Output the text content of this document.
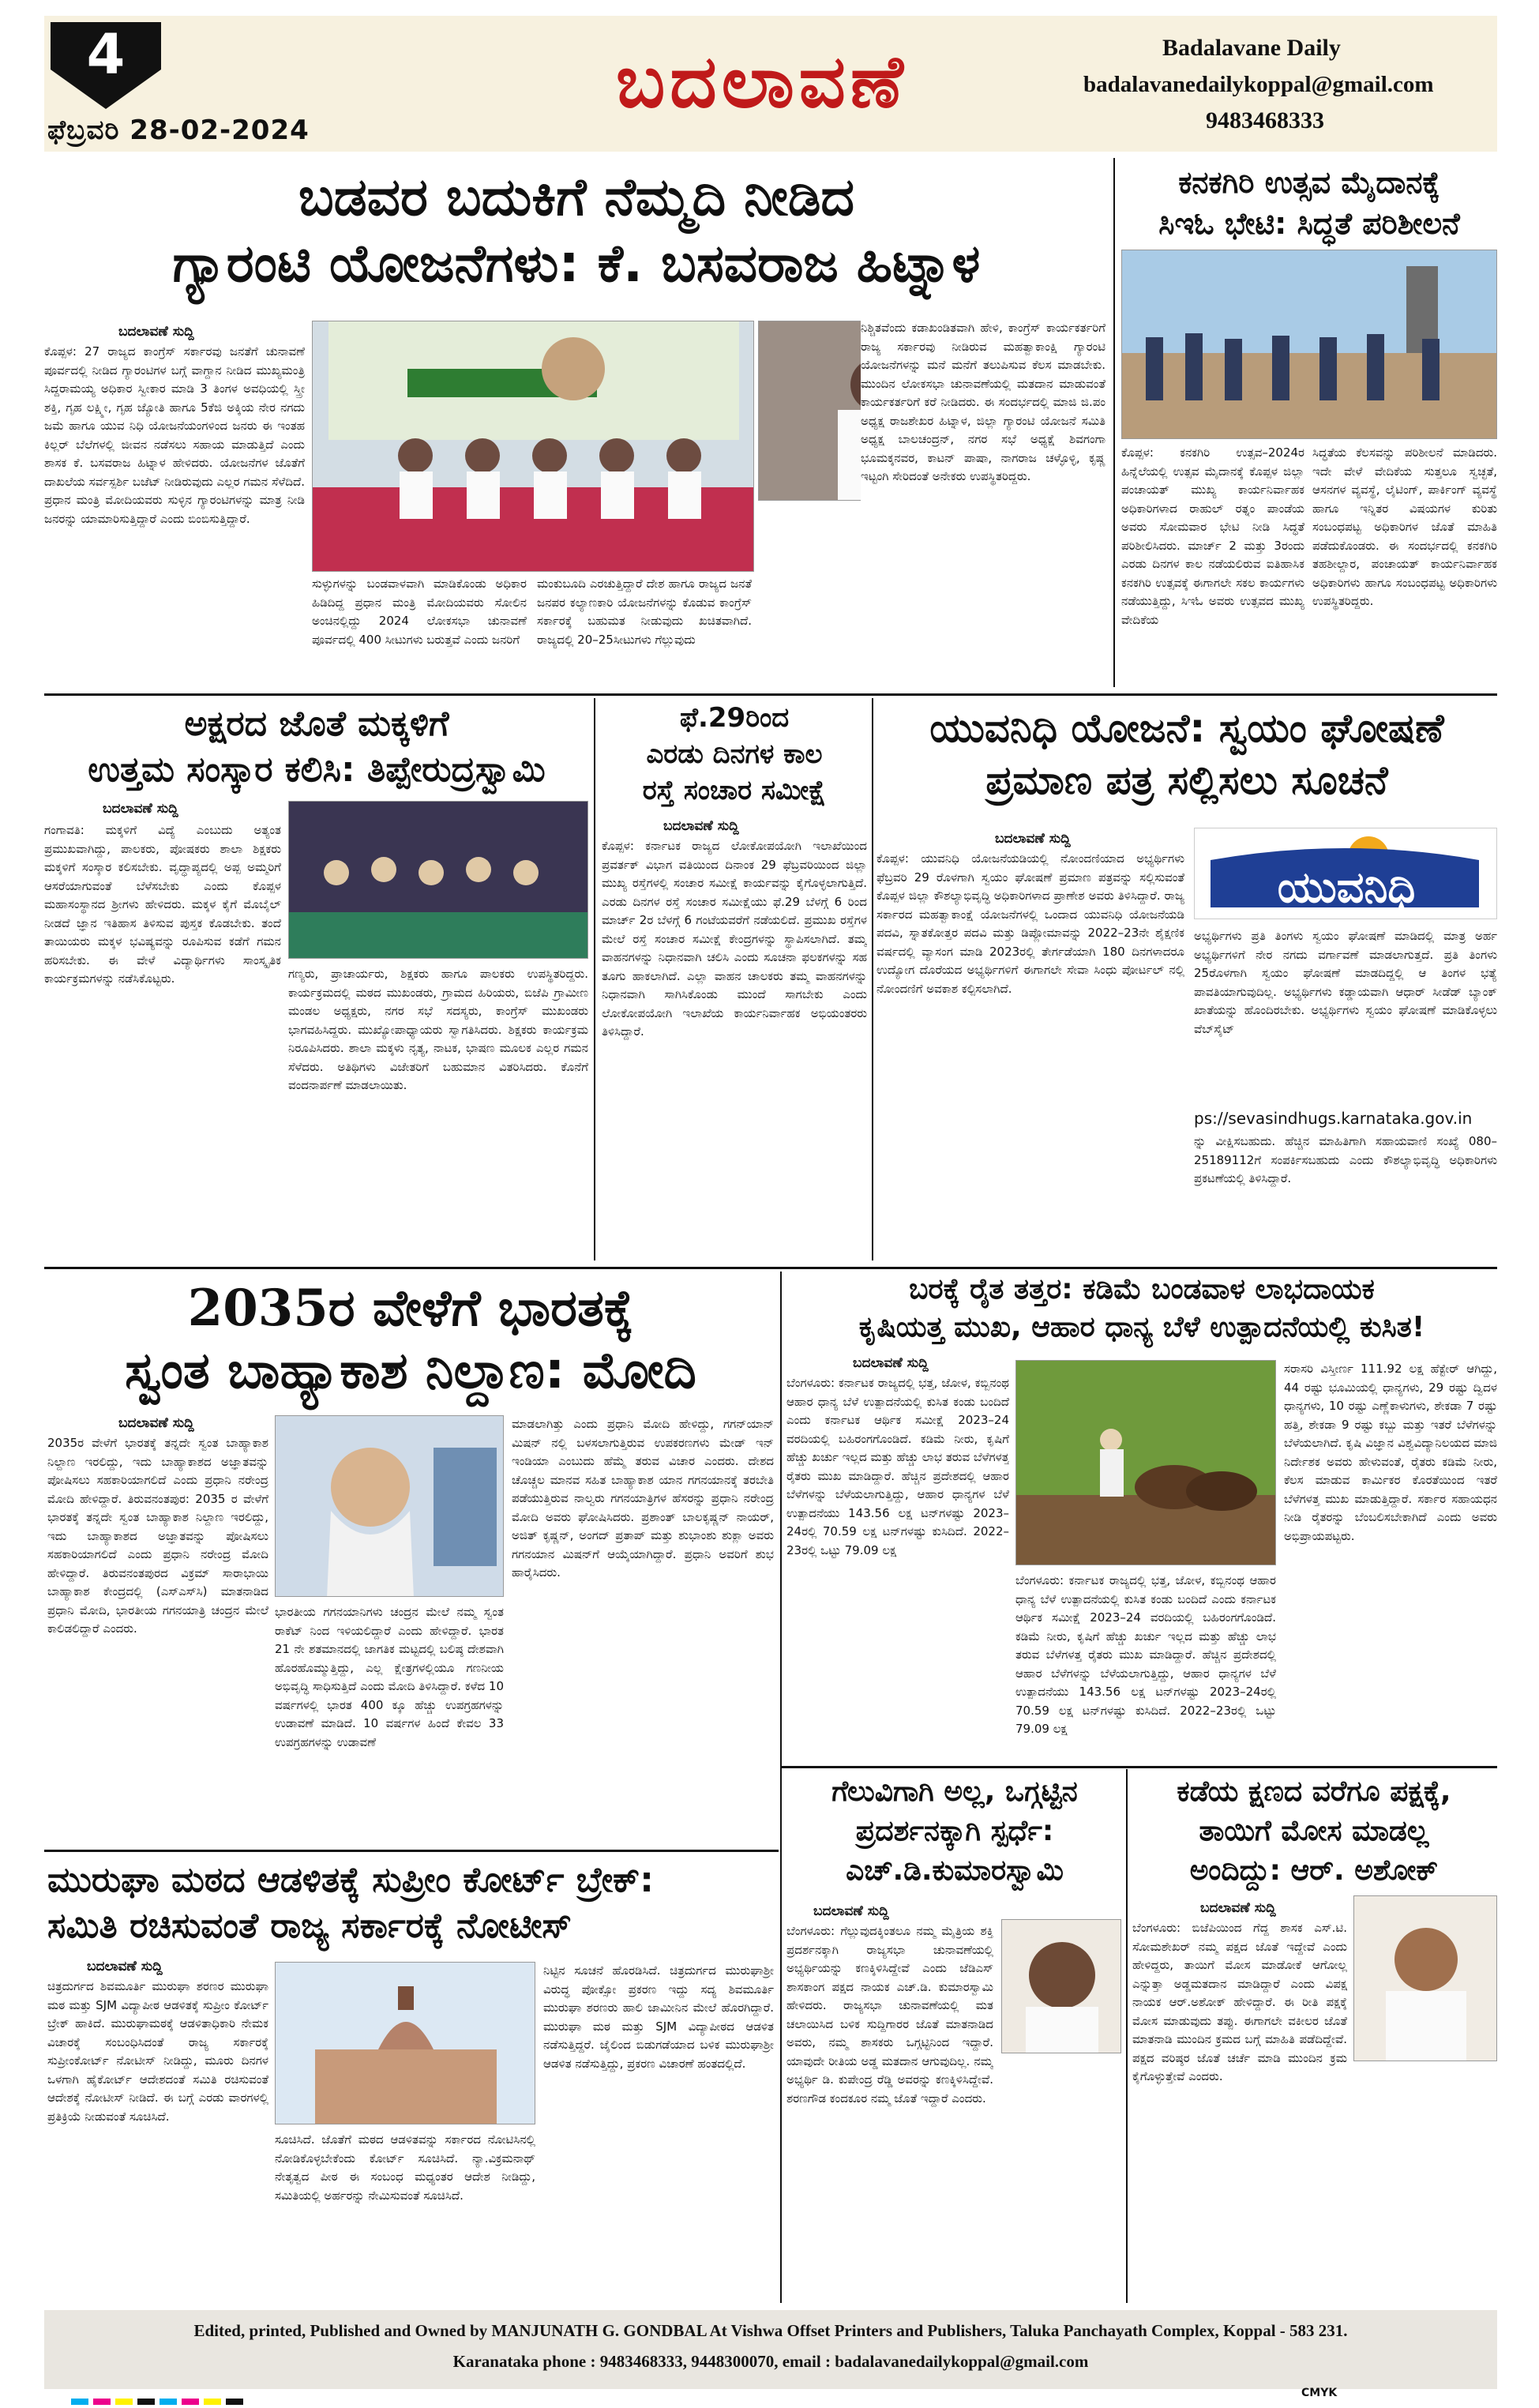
4
ಫೆಬ್ರವರಿ 28-02-2024
ಬದಲಾವಣೆ	Badalavane Daily
badalavanedailykoppal@gmail.com
9483468333
ಬಡವರ ಬದುಕಿಗೆ ನೆಮ್ಮದಿ ನೀಡಿದ
ಗ್ಯಾರಂಟಿ ಯೋಜನೆಗಳು: ಕೆ. ಬಸವರಾಜ ಹಿಟ್ನಾಳ
ಬದಲಾವಣೆ ಸುದ್ದಿ
ಕೊಪ್ಪಳ: 27 ರಾಜ್ಯದ ಕಾಂಗ್ರೆಸ್ ಸರ್ಕಾರವು ಜನತೆಗೆ ಚುನಾವಣೆ ಪೂರ್ವದಲ್ಲಿ ನೀಡಿದ ಗ್ಯಾರಂಟಿಗಳ ಬಗ್ಗೆ ವಾಗ್ದಾನ ನೀಡಿದ ಮುಖ್ಯಮಂತ್ರಿ ಸಿದ್ದರಾಮಯ್ಯ ಅಧಿಕಾರ ಸ್ವೀಕಾರ ಮಾಡಿ 3 ತಿಂಗಳ ಅವಧಿಯಲ್ಲಿ ಸ್ತ್ರೀ ಶಕ್ತಿ, ಗೃಹ ಲಕ್ಷ್ಮೀ, ಗೃಹ ಜ್ಯೋತಿ ಹಾಗೂ 5ಕೆಜಿ ಅಕ್ಕಿಯ ನೇರ ನಗದು ಜಮೆ ಹಾಗೂ ಯುವ ನಿಧಿ ಯೋಜನೆಯಂಗಳಿಂದ ಜನರು ಈ ಇಂತಹ ಕಿಲ್ಲರ್ ಬೆಲೆಗಳಲ್ಲಿ ಜೀವನ ನಡೆಸಲು ಸಹಾಯ ಮಾಡುತ್ತಿದೆ ಎಂದು ಶಾಸಕ ಕೆ. ಬಸವರಾಜ ಹಿಟ್ನಾಳ ಹೇಳಿದರು. ಯೋಜನೆಗಳ ಜೊತೆಗೆ ದಾಖಲೆಯ ಸರ್ವಸ್ಪರ್ಶಿ ಬಜೆಟ್ ನೀಡಿರುವುದು ಎಲ್ಲರ ಗಮನ ಸೆಳೆದಿದೆ. ಪ್ರಧಾನ ಮಂತ್ರಿ ಮೋದಿಯವರು ಸುಳ್ಳಿನ ಗ್ಯಾರಂಟಿಗಳನ್ನು ಮಾತ್ರ ನೀಡಿ ಜನರನ್ನು ಯಾಮಾರಿಸುತ್ತಿದ್ದಾರೆ ಎಂದು ಬಿಂಬಿಸುತ್ತಿದ್ದಾರೆ.
ಸುಳ್ಳುಗಳನ್ನು ಬಂಡವಾಳವಾಗಿ ಮಾಡಿಕೊಂಡು ಅಧಿಕಾರ ಹಿಡಿದಿದ್ದ ಪ್ರಧಾನ ಮಂತ್ರಿ ಮೋದಿಯವರು ಸೋಲಿನ ಅಂಚಿನಲ್ಲಿದ್ದು 2024 ಲೋಕಸಭಾ ಚುನಾವಣೆ ಪೂರ್ವದಲ್ಲಿ 400 ಸೀಟುಗಳು ಬರುತ್ತವೆ ಎಂದು ಜನರಿಗೆ
ಮಂಕುಬೂದಿ ಎರಚುತ್ತಿದ್ದಾರೆ ದೇಶ ಹಾಗೂ ರಾಜ್ಯದ ಜನತೆ ಜನಪರ ಕಲ್ಯಾಣಕಾರಿ ಯೋಜನೆಗಳನ್ನು ಕೊಡುವ ಕಾಂಗ್ರೆಸ್ ಸರ್ಕಾರಕ್ಕೆ ಬಹುಮತ ನೀಡುವುದು ಖಚಿತವಾಗಿದೆ. ರಾಜ್ಯದಲ್ಲಿ 20–25ಸೀಟುಗಳು ಗೆಲ್ಲುವುದು
ನಿಶ್ಚಿತವೆಂದು ಕಡಾಖಂಡಿತವಾಗಿ ಹೇಳಿ, ಕಾಂಗ್ರೆಸ್ ಕಾರ್ಯಕರ್ತರಿಗೆ ರಾಜ್ಯ ಸರ್ಕಾರವು ನೀಡಿರುವ ಮಹತ್ವಾಕಾಂಕ್ಷಿ ಗ್ಯಾರಂಟಿ ಯೋಜನೆಗಳನ್ನು ಮನೆ ಮನೆಗೆ ತಲುಪಿಸುವ ಕೆಲಸ ಮಾಡಬೇಕು. ಮುಂದಿನ ಲೋಕಸಭಾ ಚುನಾವಣೆಯಲ್ಲಿ ಮತದಾನ ಮಾಡುವಂತೆ ಕಾರ್ಯಕರ್ತರಿಗೆ ಕರೆ ನೀಡಿದರು. ಈ ಸಂದರ್ಭದಲ್ಲಿ ಮಾಜಿ ಜಿ.ಪಂ ಅಧ್ಯಕ್ಷ ರಾಜಶೇಖರ ಹಿಟ್ನಾಳ, ಜಿಲ್ಲಾ ಗ್ಯಾರಂಟಿ ಯೋಜನೆ ಸಮಿತಿ ಅಧ್ಯಕ್ಷ ಬಾಲಚಂದ್ರನ್, ನಗರ ಸಭೆ ಅಧ್ಯಕ್ಷೆ ಶಿವಗಂಗಾ ಭೂಮಕ್ಕನವರ, ಕಾಟನ್ ಪಾಷಾ, ನಾಗರಾಜ ಚಳ್ಳೊಳ್ಳಿ, ಕೃಷ್ಣ ಇಟ್ಟಂಗಿ ಸೇರಿದಂತೆ ಅನೇಕರು ಉಪಸ್ಥಿತರಿದ್ದರು.
ಕನಕಗಿರಿ ಉತ್ಸವ ಮೈದಾನಕ್ಕೆ
ಸಿಇಓ ಭೇಟಿ: ಸಿದ್ಧತೆ ಪರಿಶೀಲನೆ
ಕೊಪ್ಪಳ: ಕನಕಗಿರಿ ಉತ್ಸವ–2024ರ ಹಿನ್ನೆಲೆಯಲ್ಲಿ ಉತ್ಸವ ಮೈದಾನಕ್ಕೆ ಕೊಪ್ಪಳ ಜಿಲ್ಲಾ ಪಂಚಾಯತ್ ಮುಖ್ಯ ಕಾರ್ಯನಿರ್ವಾಹಕ ಅಧಿಕಾರಿಗಳಾದ ರಾಹುಲ್ ರತ್ನಂ ಪಾಂಡೆಯ ಅವರು ಸೋಮವಾರ ಭೇಟಿ ನೀಡಿ ಸಿದ್ಧತೆ ಪರಿಶೀಲಿಸಿದರು. ಮಾರ್ಚ್ 2 ಮತ್ತು 3ರಂದು ಎರಡು ದಿನಗಳ ಕಾಲ ನಡೆಯಲಿರುವ ಐತಿಹಾಸಿಕ ಕನಕಗಿರಿ ಉತ್ಸವಕ್ಕೆ ಈಗಾಗಲೇ ಸಕಲ ಕಾರ್ಯಗಳು ನಡೆಯುತ್ತಿದ್ದು, ಸಿಇಓ ಅವರು ಉತ್ಸವದ ಮುಖ್ಯ ವೇದಿಕೆಯ
ಸಿದ್ಧತೆಯ ಕೆಲಸವನ್ನು ಪರಿಶೀಲನೆ ಮಾಡಿದರು. ಇದೇ ವೇಳೆ ವೇದಿಕೆಯ ಸುತ್ತಲೂ ಸ್ವಚ್ಛತೆ, ಆಸನಗಳ ವ್ಯವಸ್ಥೆ, ಲೈಟಿಂಗ್, ಪಾರ್ಕಿಂಗ್ ವ್ಯವಸ್ಥೆ ಹಾಗೂ ಇನ್ನಿತರ ವಿಷಯಗಳ ಕುರಿತು ಸಂಬಂಧಪಟ್ಟ ಅಧಿಕಾರಿಗಳ ಜೊತೆ ಮಾಹಿತಿ ಪಡೆದುಕೊಂಡರು. ಈ ಸಂದರ್ಭದಲ್ಲಿ ಕನಕಗಿರಿ ತಹಶೀಲ್ದಾರ, ಪಂಚಾಯತ್ ಕಾರ್ಯನಿರ್ವಾಹಕ ಅಧಿಕಾರಿಗಳು ಹಾಗೂ ಸಂಬಂಧಪಟ್ಟ ಅಧಿಕಾರಿಗಳು ಉಪಸ್ಥಿತರಿದ್ದರು.
ಅಕ್ಷರದ ಜೊತೆ ಮಕ್ಕಳಿಗೆ
ಉತ್ತಮ ಸಂಸ್ಕಾರ ಕಲಿಸಿ: ತಿಪ್ಪೇರುದ್ರಸ್ವಾಮಿ
ಬದಲಾವಣೆ ಸುದ್ದಿ
ಗಂಗಾವತಿ: ಮಕ್ಕಳಿಗೆ ವಿದ್ಯೆ ಎಂಬುದು ಅತ್ಯಂತ ಪ್ರಮುಖವಾಗಿದ್ದು, ಪಾಲಕರು, ಪೋಷಕರು ಶಾಲಾ ಶಿಕ್ಷಕರು ಮಕ್ಕಳಿಗೆ ಸಂಸ್ಕಾರ ಕಲಿಸಬೇಕು. ವೃದ್ಧಾಪ್ಯದಲ್ಲಿ ಅಪ್ಪ ಅಮ್ಮರಿಗೆ ಆಸರೆಯಾಗುವಂತೆ ಬೆಳೆಸಬೇಕು ಎಂದು ಕೊಪ್ಪಳ ಮಹಾಸಂಸ್ಥಾನದ ಶ್ರೀಗಳು ಹೇಳಿದರು. ಮಕ್ಕಳ ಕೈಗೆ ಮೊಬೈಲ್ ನೀಡದೆ ಜ್ಞಾನ ಇತಿಹಾಸ ತಿಳಿಸುವ ಪುಸ್ತಕ ಕೊಡಬೇಕು. ತಂದೆ ತಾಯಿಯರು ಮಕ್ಕಳ ಭವಿಷ್ಯವನ್ನು ರೂಪಿಸುವ ಕಡೆಗೆ ಗಮನ ಹರಿಸಬೇಕು. ಈ ವೇಳೆ ವಿದ್ಯಾರ್ಥಿಗಳು ಸಾಂಸ್ಕೃತಿಕ ಕಾರ್ಯಕ್ರಮಗಳನ್ನು ನಡೆಸಿಕೊಟ್ಟರು.	ಗಣ್ಯರು, ಪ್ರಾಚಾರ್ಯರು, ಶಿಕ್ಷಕರು ಹಾಗೂ ಪಾಲಕರು ಉಪಸ್ಥಿತರಿದ್ದರು. ಕಾರ್ಯಕ್ರಮದಲ್ಲಿ ಮಠದ ಮುಖಂಡರು, ಗ್ರಾಮದ ಹಿರಿಯರು, ಬಿಜೆಪಿ ಗ್ರಾಮೀಣ ಮಂಡಲ ಅಧ್ಯಕ್ಷರು, ನಗರ ಸಭೆ ಸದಸ್ಯರು, ಕಾಂಗ್ರೆಸ್ ಮುಖಂಡರು ಭಾಗವಹಿಸಿದ್ದರು. ಮುಖ್ಯೋಪಾಧ್ಯಾಯರು ಸ್ವಾಗತಿಸಿದರು. ಶಿಕ್ಷಕರು ಕಾರ್ಯಕ್ರಮ ನಿರೂಪಿಸಿದರು. ಶಾಲಾ ಮಕ್ಕಳು ನೃತ್ಯ, ನಾಟಕ, ಭಾಷಣ ಮೂಲಕ ಎಲ್ಲರ ಗಮನ ಸೆಳೆದರು. ಅತಿಥಿಗಳು ವಿಜೇತರಿಗೆ ಬಹುಮಾನ ವಿತರಿಸಿದರು. ಕೊನೆಗೆ ವಂದನಾರ್ಪಣೆ ಮಾಡಲಾಯಿತು.
ಫೆ.29ರಿಂದ
ಎರಡು ದಿನಗಳ ಕಾಲ
ರಸ್ತೆ ಸಂಚಾರ ಸಮೀಕ್ಷೆ
ಬದಲಾವಣೆ ಸುದ್ದಿ
ಕೊಪ್ಪಳ: ಕರ್ನಾಟಕ ರಾಜ್ಯದ ಲೋಕೋಪಯೋಗಿ ಇಲಾಖೆಯಿಂದ ಪ್ರವರ್ತಕ್ ವಿಭಾಗ ವತಿಯಿಂದ ದಿನಾಂಕ 29 ಫೆಬ್ರವರಿಯಿಂದ ಜಿಲ್ಲಾ ಮುಖ್ಯ ರಸ್ತೆಗಳಲ್ಲಿ ಸಂಚಾರ ಸಮೀಕ್ಷೆ ಕಾರ್ಯವನ್ನು ಕೈಗೊಳ್ಳಲಾಗುತ್ತಿದೆ. ಎರಡು ದಿನಗಳ ರಸ್ತೆ ಸಂಚಾರ ಸಮೀಕ್ಷೆಯು ಫೆ.29 ಬೆಳಗ್ಗೆ 6 ರಿಂದ ಮಾರ್ಚ್ 2ರ ಬೆಳಗ್ಗೆ 6 ಗಂಟೆಯವರೆಗೆ ನಡೆಯಲಿದೆ. ಪ್ರಮುಖ ರಸ್ತೆಗಳ ಮೇಲೆ ರಸ್ತೆ ಸಂಚಾರ ಸಮೀಕ್ಷೆ ಕೇಂದ್ರಗಳನ್ನು ಸ್ಥಾಪಿಸಲಾಗಿದೆ. ತಮ್ಮ ವಾಹನಗಳನ್ನು ನಿಧಾನವಾಗಿ ಚಲಿಸಿ ಎಂದು ಸೂಚನಾ ಫಲಕಗಳನ್ನು ಸಹ ತೂಗು ಹಾಕಲಾಗಿದೆ. ಎಲ್ಲಾ ವಾಹನ ಚಾಲಕರು ತಮ್ಮ ವಾಹನಗಳನ್ನು ನಿಧಾನವಾಗಿ ಸಾಗಿಸಿಕೊಂಡು ಮುಂದೆ ಸಾಗಬೇಕು ಎಂದು ಲೋಕೋಪಯೋಗಿ ಇಲಾಖೆಯ ಕಾರ್ಯನಿರ್ವಾಹಕ ಅಭಿಯಂತರರು ತಿಳಿಸಿದ್ದಾರೆ.
ಯುವನಿಧಿ ಯೋಜನೆ: ಸ್ವಯಂ ಘೋಷಣೆ
ಪ್ರಮಾಣ ಪತ್ರ ಸಲ್ಲಿಸಲು ಸೂಚನೆ
ಬದಲಾವಣೆ ಸುದ್ದಿ
ಕೊಪ್ಪಳ: ಯುವನಿಧಿ ಯೋಜನೆಯಡಿಯಲ್ಲಿ ನೋಂದಣಿಯಾದ ಅಭ್ಯರ್ಥಿಗಳು ಫೆಬ್ರವರಿ 29 ರೊಳಗಾಗಿ ಸ್ವಯಂ ಘೋಷಣೆ ಪ್ರಮಾಣ ಪತ್ರವನ್ನು ಸಲ್ಲಿಸುವಂತೆ ಕೊಪ್ಪಳ ಜಿಲ್ಲಾ ಕೌಶಲ್ಯಾಭಿವೃದ್ಧಿ ಅಧಿಕಾರಿಗಳಾದ ಪ್ರಾಣೇಶ ಅವರು ತಿಳಿಸಿದ್ದಾರೆ. ರಾಜ್ಯ ಸರ್ಕಾರದ ಮಹತ್ವಾಕಾಂಕ್ಷೆ ಯೋಜನೆಗಳಲ್ಲಿ ಒಂದಾದ ಯುವನಿಧಿ ಯೋಜನೆಯಡಿ ಪದವಿ, ಸ್ನಾತಕೋತ್ತರ ಪದವಿ ಮತ್ತು ಡಿಪ್ಲೋಮಾವನ್ನು 2022–23ನೇ ಶೈಕ್ಷಣಿಕ ವರ್ಷದಲ್ಲಿ ವ್ಯಾಸಂಗ ಮಾಡಿ 2023ರಲ್ಲಿ ತೇರ್ಗಡೆಯಾಗಿ 180 ದಿನಗಳಾದರೂ ಉದ್ಯೋಗ ದೊರೆಯದ ಅಭ್ಯರ್ಥಿಗಳಿಗೆ ಈಗಾಗಲೇ ಸೇವಾ ಸಿಂಧು ಪೋರ್ಟಲ್ ನಲ್ಲಿ ನೋಂದಣಿಗೆ ಅವಕಾಶ ಕಲ್ಪಿಸಲಾಗಿದೆ.
ಯುವನಿಧಿ
ಅಭ್ಯರ್ಥಿಗಳು ಪ್ರತಿ ತಿಂಗಳು ಸ್ವಯಂ ಘೋಷಣೆ ಮಾಡಿದಲ್ಲಿ ಮಾತ್ರ ಅರ್ಹ ಅಭ್ಯರ್ಥಿಗಳಿಗೆ ನೇರ ನಗದು ವರ್ಗಾವಣೆ ಮಾಡಲಾಗುತ್ತದೆ. ಪ್ರತಿ ತಿಂಗಳು 25ರೊಳಗಾಗಿ ಸ್ವಯಂ ಘೋಷಣೆ ಮಾಡದಿದ್ದಲ್ಲಿ ಆ ತಿಂಗಳ ಭತ್ಯೆ ಪಾವತಿಯಾಗುವುದಿಲ್ಲ. ಅಭ್ಯರ್ಥಿಗಳು ಕಡ್ಡಾಯವಾಗಿ ಆಧಾರ್ ಸೀಡೆಡ್ ಬ್ಯಾಂಕ್ ಖಾತೆಯನ್ನು ಹೊಂದಿರಬೇಕು. ಅಭ್ಯರ್ಥಿಗಳು ಸ್ವಯಂ ಘೋಷಣೆ ಮಾಡಿಕೊಳ್ಳಲು ವೆಬ್‌ಸೈಟ್
ps://sevasindhugs.karnataka.gov.in
ನ್ನು ವೀಕ್ಷಿಸಬಹುದು. ಹೆಚ್ಚಿನ ಮಾಹಿತಿಗಾಗಿ ಸಹಾಯವಾಣಿ ಸಂಖ್ಯೆ 080–25189112ಗೆ ಸಂಪರ್ಕಿಸಬಹುದು ಎಂದು ಕೌಶಲ್ಯಾಭಿವೃದ್ಧಿ ಅಧಿಕಾರಿಗಳು ಪ್ರಕಟಣೆಯಲ್ಲಿ ತಿಳಿಸಿದ್ದಾರೆ.
2035ರ ವೇಳೆಗೆ ಭಾರತಕ್ಕೆ
ಸ್ವಂತ ಬಾಹ್ಯಾಕಾಶ ನಿಲ್ದಾಣ: ಮೋದಿ
ಬದಲಾವಣೆ ಸುದ್ದಿ
2035ರ ವೇಳೆಗೆ ಭಾರತಕ್ಕೆ ತನ್ನದೇ ಸ್ವಂತ ಬಾಹ್ಯಾಕಾಶ ನಿಲ್ದಾಣ ಇರಲಿದ್ದು, ಇದು ಬಾಹ್ಯಾಕಾಶದ ಅಜ್ಞಾತವನ್ನು ಪೋಷಿಸಲು ಸಹಕಾರಿಯಾಗಲಿದೆ ಎಂದು ಪ್ರಧಾನಿ ನರೇಂದ್ರ ಮೋದಿ ಹೇಳಿದ್ದಾರೆ. ತಿರುವನಂತಪುರ: 2035 ರ ವೇಳೆಗೆ ಭಾರತಕ್ಕೆ ತನ್ನದೇ ಸ್ವಂತ ಬಾಹ್ಯಾಕಾಶ ನಿಲ್ದಾಣ ಇರಲಿದ್ದು, ಇದು ಬಾಹ್ಯಾಕಾಶದ ಅಜ್ಞಾತವನ್ನು ಪೋಷಿಸಲು ಸಹಕಾರಿಯಾಗಲಿದೆ ಎಂದು ಪ್ರಧಾನಿ ನರೇಂದ್ರ ಮೋದಿ ಹೇಳಿದ್ದಾರೆ. ತಿರುವನಂತಪುರದ ವಿಕ್ರಮ್ ಸಾರಾಭಾಯಿ ಬಾಹ್ಯಾಕಾಶ ಕೇಂದ್ರದಲ್ಲಿ (ಎಸ್‌ಎಸ್‌ಸಿ) ಮಾತನಾಡಿದ ಪ್ರಧಾನಿ ಮೋದಿ, ಭಾರತೀಯ ಗಗನಯಾತ್ರಿ ಚಂದ್ರನ ಮೇಲೆ ಕಾಲಿಡಲಿದ್ದಾರೆ ಎಂದರು.
ಭಾರತೀಯ ಗಗನಯಾನಿಗಳು ಚಂದ್ರನ ಮೇಲೆ ನಮ್ಮ ಸ್ವಂತ ರಾಕೆಟ್ ನಿಂದ ಇಳಿಯಲಿದ್ದಾರೆ ಎಂದು ಹೇಳಿದ್ದಾರೆ. ಭಾರತ 21 ನೇ ಶತಮಾನದಲ್ಲಿ ಜಾಗತಿಕ ಮಟ್ಟದಲ್ಲಿ ಬಲಿಷ್ಠ ದೇಶವಾಗಿ ಹೊರಹೊಮ್ಮುತ್ತಿದ್ದು, ಎಲ್ಲ ಕ್ಷೇತ್ರಗಳಲ್ಲಿಯೂ ಗಣನೀಯ ಅಭಿವೃದ್ಧಿ ಸಾಧಿಸುತ್ತಿದೆ ಎಂದು ಮೋದಿ ತಿಳಿಸಿದ್ದಾರೆ. ಕಳೆದ 10 ವರ್ಷಗಳಲ್ಲಿ ಭಾರತ 400 ಕ್ಕೂ ಹೆಚ್ಚು ಉಪಗ್ರಹಗಳನ್ನು ಉಡಾವಣೆ ಮಾಡಿದೆ. 10 ವರ್ಷಗಳ ಹಿಂದೆ ಕೇವಲ 33 ಉಪಗ್ರಹಗಳನ್ನು ಉಡಾವಣೆ
ಮಾಡಲಾಗಿತ್ತು ಎಂದು ಪ್ರಧಾನಿ ಮೋದಿ ಹೇಳಿದ್ದು, ಗಗನ್‌ಯಾನ್ ಮಿಷನ್ ನಲ್ಲಿ ಬಳಸಲಾಗುತ್ತಿರುವ ಉಪಕರಣಗಳು ಮೇಡ್ ಇನ್ ಇಂಡಿಯಾ ಎಂಬುದು ಹೆಮ್ಮೆ ತರುವ ವಿಚಾರ ಎಂದರು. ದೇಶದ ಚೊಚ್ಚಲ ಮಾನವ ಸಹಿತ ಬಾಹ್ಯಾಕಾಶ ಯಾನ ಗಗನಯಾನಕ್ಕೆ ತರಬೇತಿ ಪಡೆಯುತ್ತಿರುವ ನಾಲ್ವರು ಗಗನಯಾತ್ರಿಗಳ ಹೆಸರನ್ನು ಪ್ರಧಾನಿ ನರೇಂದ್ರ ಮೋದಿ ಅವರು ಘೋಷಿಸಿದರು. ಪ್ರಶಾಂತ್ ಬಾಲಕೃಷ್ಣನ್ ನಾಯರ್, ಅಜಿತ್ ಕೃಷ್ಣನ್, ಅಂಗದ್ ಪ್ರತಾಪ್ ಮತ್ತು ಶುಭಾಂಶು ಶುಕ್ಲಾ ಅವರು ಗಗನಯಾನ ಮಿಷನ್‌ಗೆ ಆಯ್ಕೆಯಾಗಿದ್ದಾರೆ. ಪ್ರಧಾನಿ ಅವರಿಗೆ ಶುಭ ಹಾರೈಸಿದರು.
ಬರಕ್ಕೆ ರೈತ ತತ್ತರ: ಕಡಿಮೆ ಬಂಡವಾಳ ಲಾಭದಾಯಕ
ಕೃಷಿಯತ್ತ ಮುಖ, ಆಹಾರ ಧಾನ್ಯ ಬೆಳೆ ಉತ್ಪಾದನೆಯಲ್ಲಿ ಕುಸಿತ!
ಬದಲಾವಣೆ ಸುದ್ದಿ
ಬೆಂಗಳೂರು: ಕರ್ನಾಟಕ ರಾಜ್ಯದಲ್ಲಿ ಭತ್ತ, ಜೋಳ, ಕಬ್ಬಿನಂಥ ಆಹಾರ ಧಾನ್ಯ ಬೆಳೆ ಉತ್ಪಾದನೆಯಲ್ಲಿ ಕುಸಿತ ಕಂಡು ಬಂದಿದೆ ಎಂದು ಕರ್ನಾಟಕ ಆರ್ಥಿಕ ಸಮೀಕ್ಷೆ 2023–24 ವರದಿಯಲ್ಲಿ ಬಹಿರಂಗಗೊಂಡಿದೆ. ಕಡಿಮೆ ನೀರು, ಕೃಷಿಗೆ ಹೆಚ್ಚು ಖರ್ಚು ಇಲ್ಲದ ಮತ್ತು ಹೆಚ್ಚು ಲಾಭ ತರುವ ಬೆಳೆಗಳತ್ತ ರೈತರು ಮುಖ ಮಾಡಿದ್ದಾರೆ. ಹೆಚ್ಚಿನ ಪ್ರದೇಶದಲ್ಲಿ ಆಹಾರ ಬೆಳೆಗಳನ್ನು ಬೆಳೆಯಲಾಗುತ್ತಿದ್ದು, ಆಹಾರ ಧಾನ್ಯಗಳ ಬೆಳೆ ಉತ್ಪಾದನೆಯು 143.56 ಲಕ್ಷ ಟನ್‌ಗಳಷ್ಟು 2023–24ರಲ್ಲಿ 70.59 ಲಕ್ಷ ಟನ್‌ಗಳಷ್ಟು ಕುಸಿದಿದೆ. 2022–23ರಲ್ಲಿ ಒಟ್ಟು 79.09 ಲಕ್ಷ
ಬೆಂಗಳೂರು: ಕರ್ನಾಟಕ ರಾಜ್ಯದಲ್ಲಿ ಭತ್ತ, ಜೋಳ, ಕಬ್ಬಿನಂಥ ಆಹಾರ ಧಾನ್ಯ ಬೆಳೆ ಉತ್ಪಾದನೆಯಲ್ಲಿ ಕುಸಿತ ಕಂಡು ಬಂದಿದೆ ಎಂದು ಕರ್ನಾಟಕ ಆರ್ಥಿಕ ಸಮೀಕ್ಷೆ 2023–24 ವರದಿಯಲ್ಲಿ ಬಹಿರಂಗಗೊಂಡಿದೆ. ಕಡಿಮೆ ನೀರು, ಕೃಷಿಗೆ ಹೆಚ್ಚು ಖರ್ಚು ಇಲ್ಲದ ಮತ್ತು ಹೆಚ್ಚು ಲಾಭ ತರುವ ಬೆಳೆಗಳತ್ತ ರೈತರು ಮುಖ ಮಾಡಿದ್ದಾರೆ. ಹೆಚ್ಚಿನ ಪ್ರದೇಶದಲ್ಲಿ ಆಹಾರ ಬೆಳೆಗಳನ್ನು ಬೆಳೆಯಲಾಗುತ್ತಿದ್ದು, ಆಹಾರ ಧಾನ್ಯಗಳ ಬೆಳೆ ಉತ್ಪಾದನೆಯು 143.56 ಲಕ್ಷ ಟನ್‌ಗಳಷ್ಟು 2023–24ರಲ್ಲಿ 70.59 ಲಕ್ಷ ಟನ್‌ಗಳಷ್ಟು ಕುಸಿದಿದೆ. 2022–23ರಲ್ಲಿ ಒಟ್ಟು 79.09 ಲಕ್ಷ
ಸರಾಸರಿ ವಿಸ್ತೀರ್ಣ 111.92 ಲಕ್ಷ ಹೆಕ್ಟೇರ್ ಆಗಿದ್ದು, 44 ರಷ್ಟು ಭೂಮಿಯಲ್ಲಿ ಧಾನ್ಯಗಳು, 29 ರಷ್ಟು ದ್ವಿದಳ ಧಾನ್ಯಗಳು, 10 ರಷ್ಟು ಎಣ್ಣೆಕಾಳುಗಳು, ಶೇಕಡಾ 7 ರಷ್ಟು ಹತ್ತಿ, ಶೇಕಡಾ 9 ರಷ್ಟು ಕಬ್ಬು ಮತ್ತು ಇತರೆ ಬೆಳೆಗಳನ್ನು ಬೆಳೆಯಲಾಗಿದೆ. ಕೃಷಿ ವಿಜ್ಞಾನ ವಿಶ್ವವಿದ್ಯಾನಿಲಯದ ಮಾಜಿ ನಿರ್ದೇಶಕ ಅವರು ಹೇಳುವಂತೆ, ರೈತರು ಕಡಿಮೆ ನೀರು, ಕೆಲಸ ಮಾಡುವ ಕಾರ್ಮಿಕರ ಕೊರತೆಯಿಂದ ಇತರೆ ಬೆಳೆಗಳತ್ತ ಮುಖ ಮಾಡುತ್ತಿದ್ದಾರೆ. ಸರ್ಕಾರ ಸಹಾಯಧನ ನೀಡಿ ರೈತರನ್ನು ಬೆಂಬಲಿಸಬೇಕಾಗಿದೆ ಎಂದು ಅವರು ಅಭಿಪ್ರಾಯಪಟ್ಟರು.
ಮುರುಘಾ ಮಠದ ಆಡಳಿತಕ್ಕೆ ಸುಪ್ರೀಂ ಕೋರ್ಟ್ ಬ್ರೇಕ್:
ಸಮಿತಿ ರಚಿಸುವಂತೆ ರಾಜ್ಯ ಸರ್ಕಾರಕ್ಕೆ ನೋಟೀಸ್
ಬದಲಾವಣೆ ಸುದ್ದಿ
ಚಿತ್ರದುರ್ಗದ ಶಿವಮೂರ್ತಿ ಮುರುಘಾ ಶರಣರ ಮುರುಘಾ ಮಠ ಮತ್ತು SJM ವಿದ್ಯಾಪೀಠ ಆಡಳಿತಕ್ಕೆ ಸುಪ್ರೀಂ ಕೋರ್ಟ್ ಬ್ರೇಕ್ ಹಾಕಿದೆ. ಮುರುಘಾಮಠಕ್ಕೆ ಆಡಳಿತಾಧಿಕಾರಿ ನೇಮಕ ವಿಚಾರಕ್ಕೆ ಸಂಬಂಧಿಸಿದಂತೆ ರಾಜ್ಯ ಸರ್ಕಾರಕ್ಕೆ ಸುಪ್ರೀಂಕೋರ್ಟ್ ನೋಟೀಸ್ ನೀಡಿದ್ದು, ಮೂರು ದಿನಗಳ ಒಳಗಾಗಿ ಹೈಕೋರ್ಟ್ ಆದೇಶದಂತೆ ಸಮಿತಿ ರಚಿಸುವಂತೆ ಆದೇಶಕ್ಕೆ ನೋಟೀಸ್ ನೀಡಿದೆ. ಈ ಬಗ್ಗೆ ಎರಡು ವಾರಗಳಲ್ಲಿ ಪ್ರತಿಕ್ರಿಯೆ ನೀಡುವಂತೆ ಸೂಚಿಸಿದೆ.
ಸೂಚಿಸಿದೆ. ಜೊತೆಗೆ ಮಠದ ಆಡಳಿತವನ್ನು ಸರ್ಕಾರದ ನೋಟಿಸಿನಲ್ಲಿ ನೋಡಿಕೊಳ್ಳಬೇಕೆಂದು ಕೋರ್ಟ್ ಸೂಚಿಸಿದೆ. ನ್ಯಾ.ವಿಕ್ರಮನಾಥ್ ನೇತೃತ್ವದ ಪೀಠ ಈ ಸಂಬಂಧ ಮಧ್ಯಂತರ ಆದೇಶ ನೀಡಿದ್ದು, ಸಮಿತಿಯಲ್ಲಿ ಅರ್ಹರನ್ನು ನೇಮಿಸುವಂತೆ ಸೂಚಿಸಿದೆ.
ನಿಟ್ಟಿನ ಸೂಚನೆ ಹೊರಡಿಸಿದೆ. ಚಿತ್ರದುರ್ಗದ ಮುರುಘಾಶ್ರೀ ವಿರುದ್ಧ ಪೋಕ್ಸೋ ಪ್ರಕರಣ ಇದ್ದು ಸದ್ಯ ಶಿವಮೂರ್ತಿ ಮುರುಘಾ ಶರಣರು ಹಾಲಿ ಜಾಮೀನಿನ ಮೇಲೆ ಹೊರಗಿದ್ದಾರೆ. ಮುರುಘಾ ಮಠ ಮತ್ತು SJM ವಿದ್ಯಾಪೀಠದ ಆಡಳಿತ ನಡೆಸುತ್ತಿದ್ದರೆ. ಜೈಲಿಂದ ಬಿಡುಗಡೆಯಾದ ಬಳಿಕ ಮುರುಘಾಶ್ರೀ ಆಡಳಿತ ನಡೆಸುತ್ತಿದ್ದು, ಪ್ರಕರಣ ವಿಚಾರಣೆ ಹಂತದಲ್ಲಿದೆ.
ಗೆಲುವಿಗಾಗಿ ಅಲ್ಲ, ಒಗ್ಗಟ್ಟಿನ
ಪ್ರದರ್ಶನಕ್ಕಾಗಿ ಸ್ಪರ್ಧೆ:
ಎಚ್.ಡಿ.ಕುಮಾರಸ್ವಾಮಿ
ಬದಲಾವಣೆ ಸುದ್ದಿ
ಬೆಂಗಳೂರು: ಗೆಲ್ಲುವುದಕ್ಕಿಂತಲೂ ನಮ್ಮ ಮೈತ್ರಿಯ ಶಕ್ತಿ ಪ್ರದರ್ಶನಕ್ಕಾಗಿ ರಾಜ್ಯಸಭಾ ಚುನಾವಣೆಯಲ್ಲಿ ಅಭ್ಯರ್ಥಿಯನ್ನು ಕಣಕ್ಕಿಳಿಸಿದ್ದೇವೆ ಎಂದು ಜೆಡಿಎಸ್ ಶಾಸಕಾಂಗ ಪಕ್ಷದ ನಾಯಕ ಎಚ್.ಡಿ. ಕುಮಾರಸ್ವಾಮಿ ಹೇಳಿದರು. ರಾಜ್ಯಸಭಾ ಚುನಾವಣೆಯಲ್ಲಿ ಮತ ಚಲಾಯಿಸಿದ ಬಳಿಕ ಸುದ್ದಿಗಾರರ ಜೊತೆ ಮಾತನಾಡಿದ ಅವರು, ನಮ್ಮ ಶಾಸಕರು ಒಗ್ಗಟ್ಟಿನಿಂದ ಇದ್ದಾರೆ. ಯಾವುದೇ ರೀತಿಯ ಅಡ್ಡ ಮತದಾನ ಆಗುವುದಿಲ್ಲ. ನಮ್ಮ ಅಭ್ಯರ್ಥಿ ಡಿ. ಕುಪೇಂದ್ರ ರೆಡ್ಡಿ ಅವರನ್ನು ಕಣಕ್ಕಿಳಿಸಿದ್ದೇವೆ. ಶರಣಗೌಡ ಕಂದಕೂರ ನಮ್ಮ ಜೊತೆ ಇದ್ದಾರೆ ಎಂದರು.
ಕಡೆಯ ಕ್ಷಣದ ವರೆಗೂ ಪಕ್ಷಕ್ಕೆ,
ತಾಯಿಗೆ ಮೋಸ ಮಾಡಲ್ಲ
ಅಂದಿದ್ದು: ಆರ್. ಅಶೋಕ್
ಬದಲಾವಣೆ ಸುದ್ದಿ
ಬೆಂಗಳೂರು: ಬಿಜೆಪಿಯಿಂದ ಗೆದ್ದ ಶಾಸಕ ಎಸ್.ಟಿ. ಸೋಮಶೇಖರ್ ನಮ್ಮ ಪಕ್ಷದ ಜೊತೆ ಇದ್ದೇವೆ ಎಂದು ಹೇಳಿದ್ದರು, ತಾಯಿಗೆ ಮೋಸ ಮಾಡೋಕೆ ಆಗೋಲ್ಲ ಎನ್ನುತ್ತಾ ಅಡ್ಡಮತದಾನ ಮಾಡಿದ್ದಾರೆ ಎಂದು ವಿಪಕ್ಷ ನಾಯಕ ಆರ್.ಅಶೋಕ್ ಹೇಳಿದ್ದಾರೆ. ಈ ರೀತಿ ಪಕ್ಷಕ್ಕೆ ಮೋಸ ಮಾಡುವುದು ತಪ್ಪು. ಈಗಾಗಲೇ ವಕೀಲರ ಜೊತೆ ಮಾತನಾಡಿ ಮುಂದಿನ ಕ್ರಮದ ಬಗ್ಗೆ ಮಾಹಿತಿ ಪಡೆದಿದ್ದೇವೆ. ಪಕ್ಷದ ವರಿಷ್ಠರ ಜೊತೆ ಚರ್ಚೆ ಮಾಡಿ ಮುಂದಿನ ಕ್ರಮ ಕೈಗೊಳ್ಳುತ್ತೇವೆ ಎಂದರು.
Edited, printed, Published and Owned by MANJUNATH G. GONDBAL At Vishwa Offset Printers and Publishers, Taluka Panchayath Complex, Koppal - 583 231.
Karanataka phone : 9483468333, 9448300070, email : badalavanedailykoppal@gmail.com
CMYK
